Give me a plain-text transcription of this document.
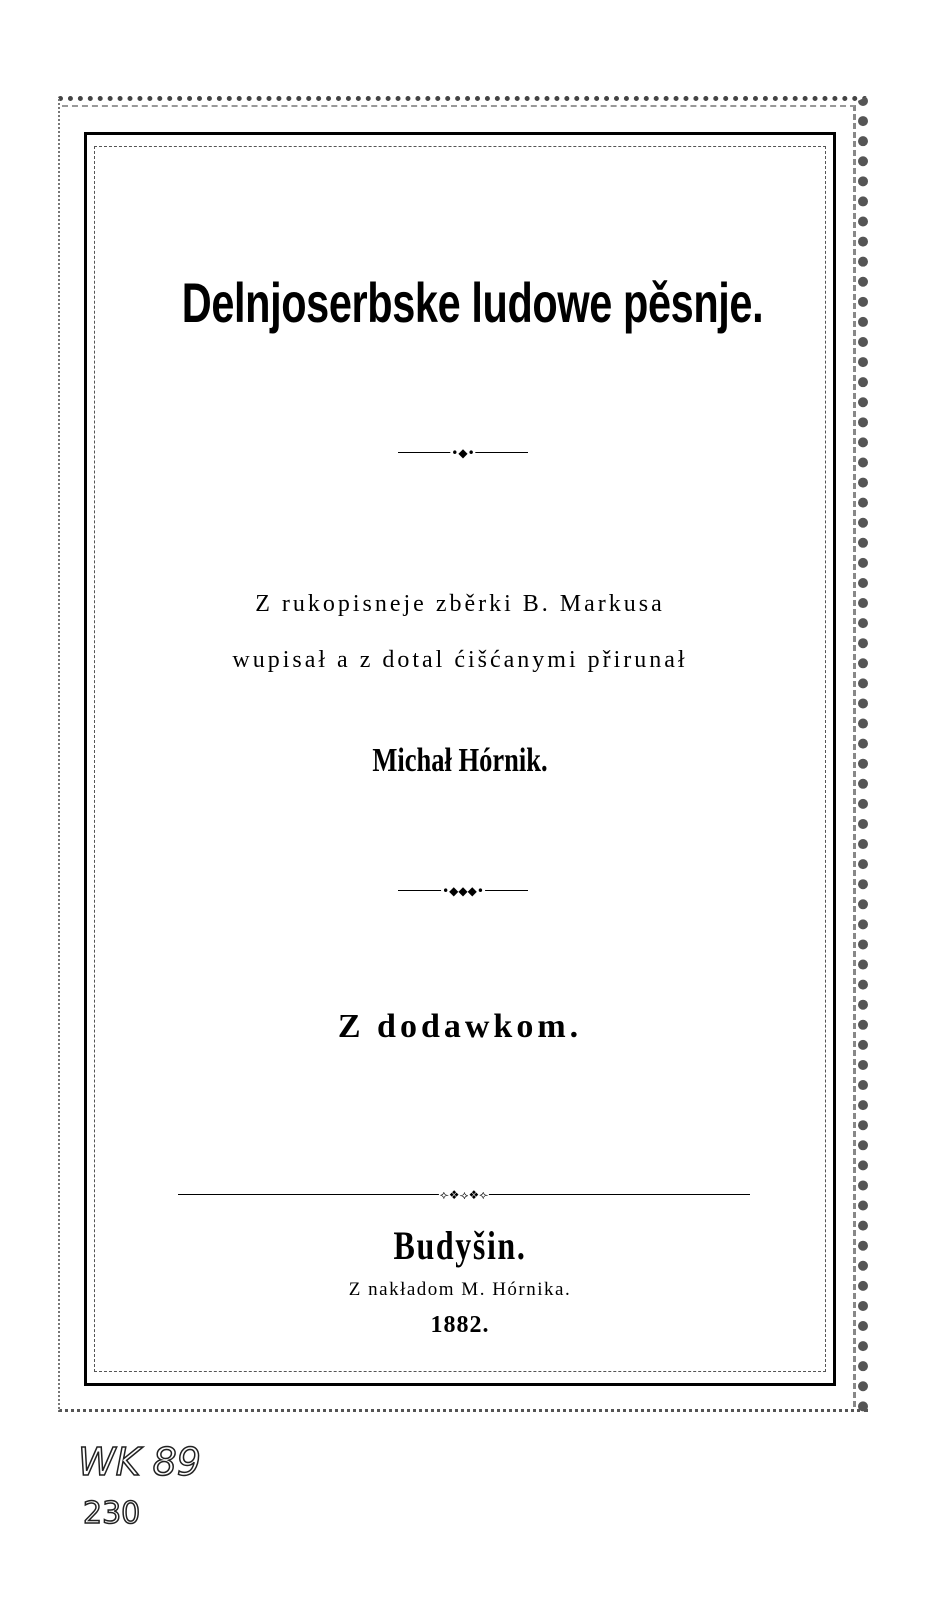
Delnjoserbske ludowe pěsnje.
•◆•
Z rukopisneje zběrki B. Markusa
wupisał a z dotal ćišćanymi přirunał
Michał Hórnik.
•◆◆◆•
Z dodawkom.
⟣❖⟢❖⟣
Budyšin.
Z nakładom M. Hórnika.
1882.
WK 89
230
